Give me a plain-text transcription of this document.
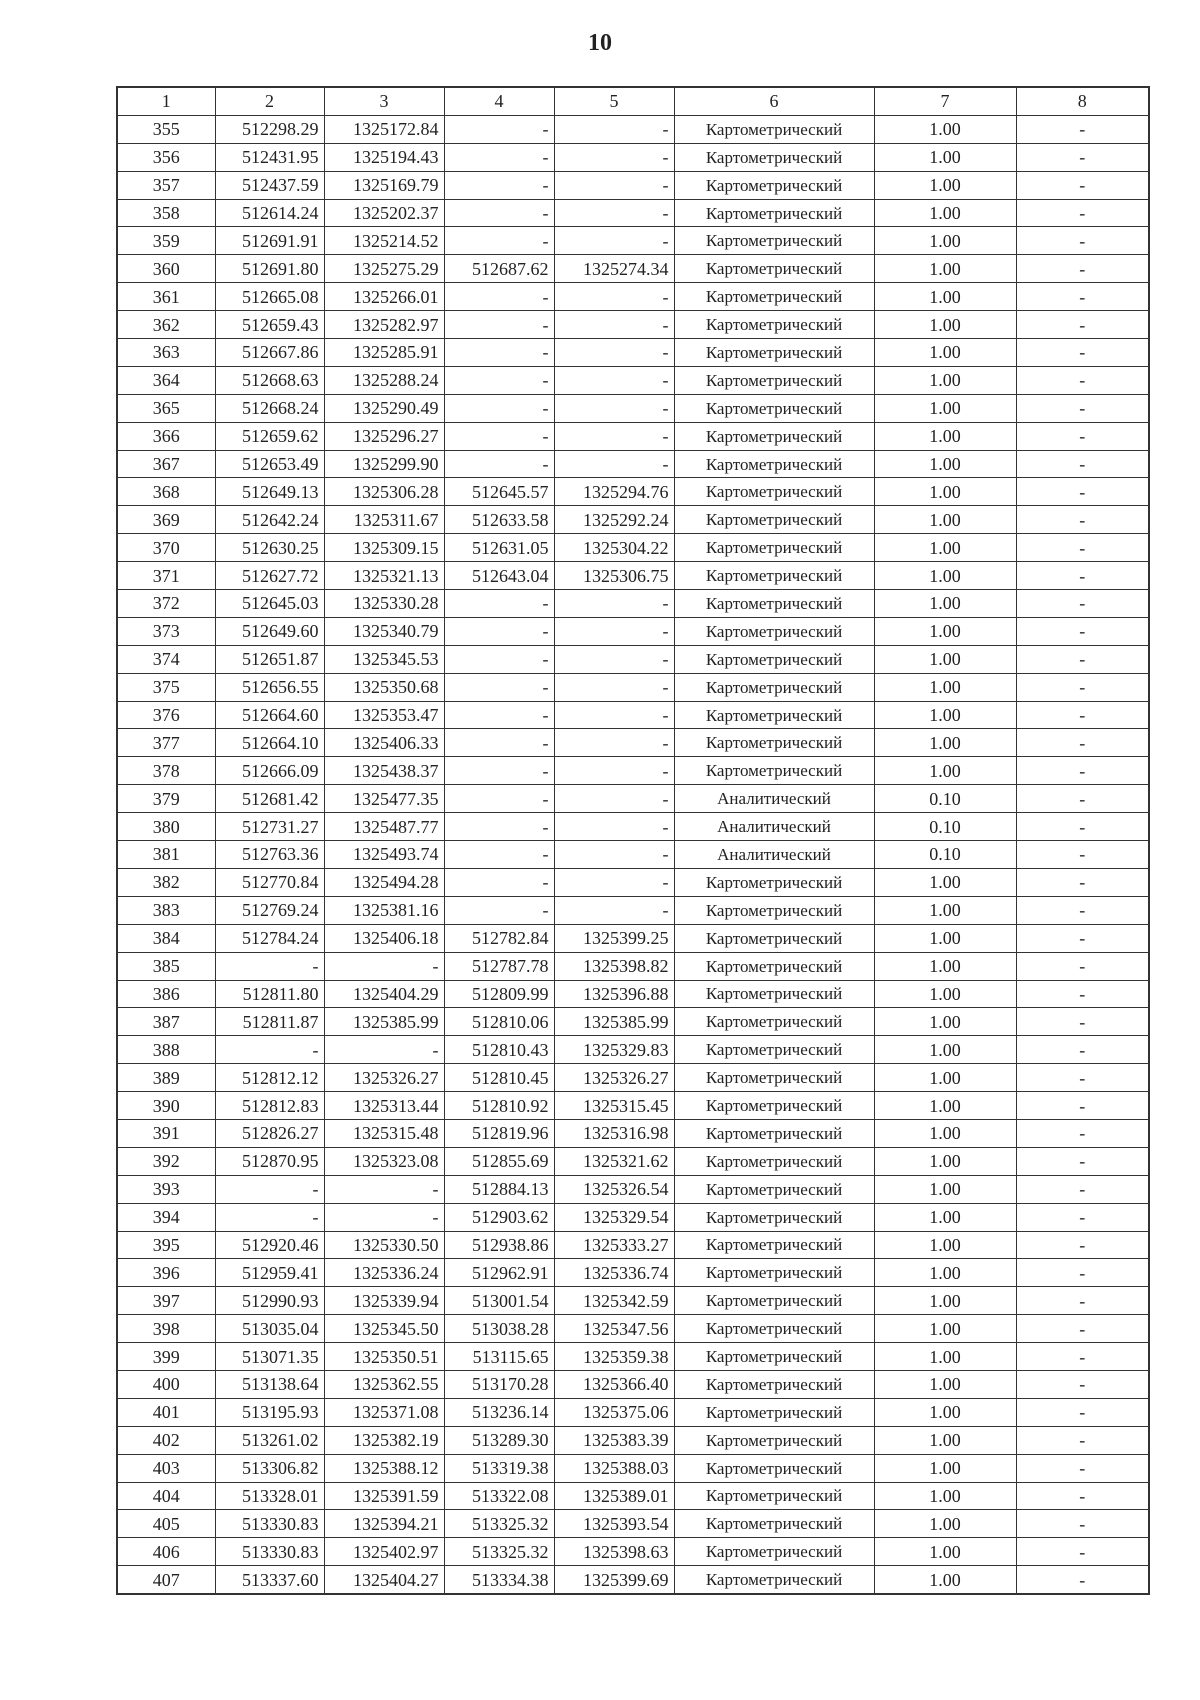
10
1	2	3	4	5	6	7	8
355	512298.29	1325172.84	-	-	Картометрический	1.00	-
356	512431.95	1325194.43	-	-	Картометрический	1.00	-
357	512437.59	1325169.79	-	-	Картометрический	1.00	-
358	512614.24	1325202.37	-	-	Картометрический	1.00	-
359	512691.91	1325214.52	-	-	Картометрический	1.00	-
360	512691.80	1325275.29	512687.62	1325274.34	Картометрический	1.00	-
361	512665.08	1325266.01	-	-	Картометрический	1.00	-
362	512659.43	1325282.97	-	-	Картометрический	1.00	-
363	512667.86	1325285.91	-	-	Картометрический	1.00	-
364	512668.63	1325288.24	-	-	Картометрический	1.00	-
365	512668.24	1325290.49	-	-	Картометрический	1.00	-
366	512659.62	1325296.27	-	-	Картометрический	1.00	-
367	512653.49	1325299.90	-	-	Картометрический	1.00	-
368	512649.13	1325306.28	512645.57	1325294.76	Картометрический	1.00	-
369	512642.24	1325311.67	512633.58	1325292.24	Картометрический	1.00	-
370	512630.25	1325309.15	512631.05	1325304.22	Картометрический	1.00	-
371	512627.72	1325321.13	512643.04	1325306.75	Картометрический	1.00	-
372	512645.03	1325330.28	-	-	Картометрический	1.00	-
373	512649.60	1325340.79	-	-	Картометрический	1.00	-
374	512651.87	1325345.53	-	-	Картометрический	1.00	-
375	512656.55	1325350.68	-	-	Картометрический	1.00	-
376	512664.60	1325353.47	-	-	Картометрический	1.00	-
377	512664.10	1325406.33	-	-	Картометрический	1.00	-
378	512666.09	1325438.37	-	-	Картометрический	1.00	-
379	512681.42	1325477.35	-	-	Аналитический	0.10	-
380	512731.27	1325487.77	-	-	Аналитический	0.10	-
381	512763.36	1325493.74	-	-	Аналитический	0.10	-
382	512770.84	1325494.28	-	-	Картометрический	1.00	-
383	512769.24	1325381.16	-	-	Картометрический	1.00	-
384	512784.24	1325406.18	512782.84	1325399.25	Картометрический	1.00	-
385	-	-	512787.78	1325398.82	Картометрический	1.00	-
386	512811.80	1325404.29	512809.99	1325396.88	Картометрический	1.00	-
387	512811.87	1325385.99	512810.06	1325385.99	Картометрический	1.00	-
388	-	-	512810.43	1325329.83	Картометрический	1.00	-
389	512812.12	1325326.27	512810.45	1325326.27	Картометрический	1.00	-
390	512812.83	1325313.44	512810.92	1325315.45	Картометрический	1.00	-
391	512826.27	1325315.48	512819.96	1325316.98	Картометрический	1.00	-
392	512870.95	1325323.08	512855.69	1325321.62	Картометрический	1.00	-
393	-	-	512884.13	1325326.54	Картометрический	1.00	-
394	-	-	512903.62	1325329.54	Картометрический	1.00	-
395	512920.46	1325330.50	512938.86	1325333.27	Картометрический	1.00	-
396	512959.41	1325336.24	512962.91	1325336.74	Картометрический	1.00	-
397	512990.93	1325339.94	513001.54	1325342.59	Картометрический	1.00	-
398	513035.04	1325345.50	513038.28	1325347.56	Картометрический	1.00	-
399	513071.35	1325350.51	513115.65	1325359.38	Картометрический	1.00	-
400	513138.64	1325362.55	513170.28	1325366.40	Картометрический	1.00	-
401	513195.93	1325371.08	513236.14	1325375.06	Картометрический	1.00	-
402	513261.02	1325382.19	513289.30	1325383.39	Картометрический	1.00	-
403	513306.82	1325388.12	513319.38	1325388.03	Картометрический	1.00	-
404	513328.01	1325391.59	513322.08	1325389.01	Картометрический	1.00	-
405	513330.83	1325394.21	513325.32	1325393.54	Картометрический	1.00	-
406	513330.83	1325402.97	513325.32	1325398.63	Картометрический	1.00	-
407	513337.60	1325404.27	513334.38	1325399.69	Картометрический	1.00	-
